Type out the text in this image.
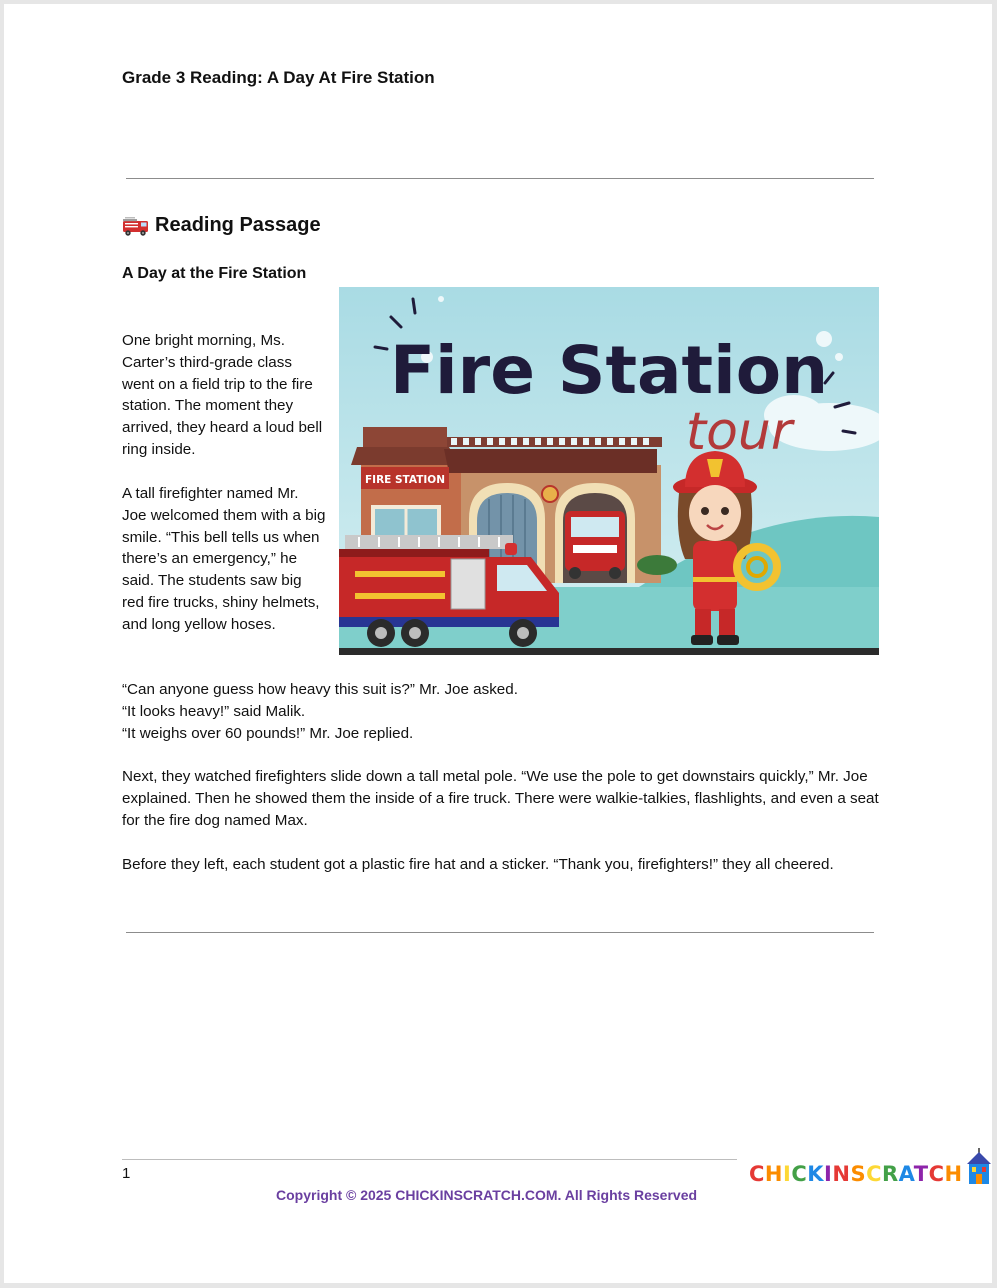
Grade 3 Reading: A Day At Fire Station
Reading Passage
A Day at the Fire Station

One bright morning, Ms. Carter’s third-grade class went on a field trip to the fire station. The moment they arrived, they heard a loud bell ring inside.

A tall firefighter named Mr. Joe welcomed them with a big smile. “This bell tells us when there’s an emergency,” he said. The students saw big red fire trucks, shiny helmets, and long yellow hoses.

FIRE STATION
Fire Station
tour

“Can anyone guess how heavy this suit is?” Mr. Joe asked.
“It looks heavy!” said Malik.
“It weighs over 60 pounds!” Mr. Joe replied.

Next, they watched firefighters slide down a tall metal pole. “We use the pole to get downstairs quickly,” Mr. Joe explained. Then he showed them the inside of a fire truck. There were walkie-talkies, flashlights, and even a seat for the fire dog named Max.

Before they left, each student got a plastic fire hat and a sticker. “Thank you, firefighters!” they all cheered.

1
Copyright © 2025 CHICKINSCRATCH.COM. All Rights Reserved
CHICKINSCRATCH
